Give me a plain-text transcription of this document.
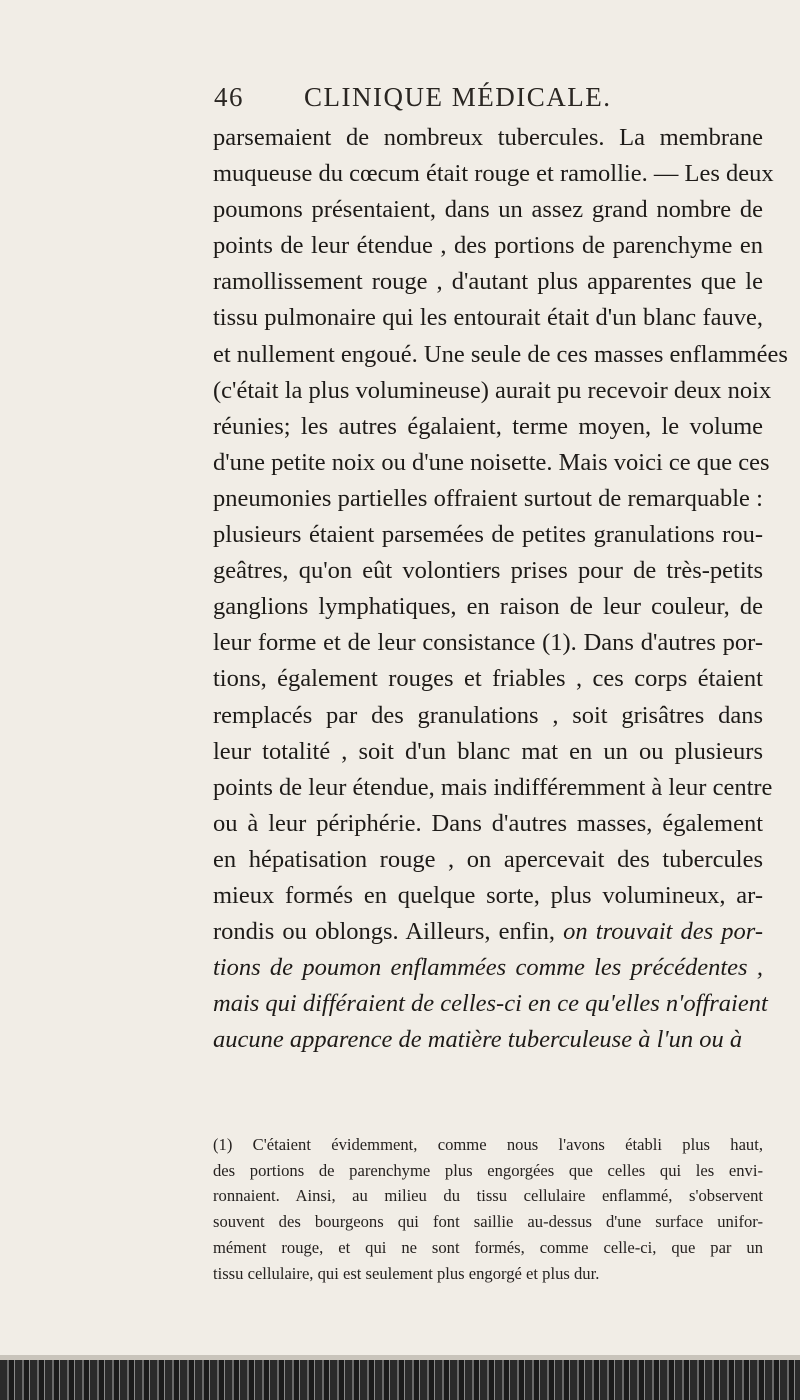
46 CLINIQUE MÉDICALE.
parsemaient de nombreux tubercules. La membrane
muqueuse du cœcum était rouge et ramollie. — Les deux
poumons présentaient, dans un assez grand nombre de
points de leur étendue , des portions de parenchyme en
ramollissement rouge , d'autant plus apparentes que le
tissu pulmonaire qui les entourait était d'un blanc fauve,
et nullement engoué. Une seule de ces masses enflammées
(c'était la plus volumineuse) aurait pu recevoir deux noix
réunies; les autres égalaient, terme moyen, le volume
d'une petite noix ou d'une noisette. Mais voici ce que ces
pneumonies partielles offraient surtout de remarquable :
plusieurs étaient parsemées de petites granulations rou-
geâtres, qu'on eût volontiers prises pour de très-petits
ganglions lymphatiques, en raison de leur couleur, de
leur forme et de leur consistance (1). Dans d'autres por-
tions, également rouges et friables , ces corps étaient
remplacés par des granulations , soit grisâtres dans
leur totalité , soit d'un blanc mat en un ou plusieurs
points de leur étendue, mais indifféremment à leur centre
ou à leur périphérie. Dans d'autres masses, également
en hépatisation rouge , on apercevait des tubercules
mieux formés en quelque sorte, plus volumineux, ar-
rondis ou oblongs. Ailleurs, enfin, on trouvait des por-
tions de poumon enflammées comme les précédentes ,
mais qui différaient de celles-ci en ce qu'elles n'offraient
aucune apparence de matière tuberculeuse à l'un ou à
(1) C'étaient évidemment, comme nous l'avons établi plus haut,
des portions de parenchyme plus engorgées que celles qui les envi-
ronnaient. Ainsi, au milieu du tissu cellulaire enflammé, s'observent
souvent des bourgeons qui font saillie au-dessus d'une surface unifor-
mément rouge, et qui ne sont formés, comme celle-ci, que par un
tissu cellulaire, qui est seulement plus engorgé et plus dur.
